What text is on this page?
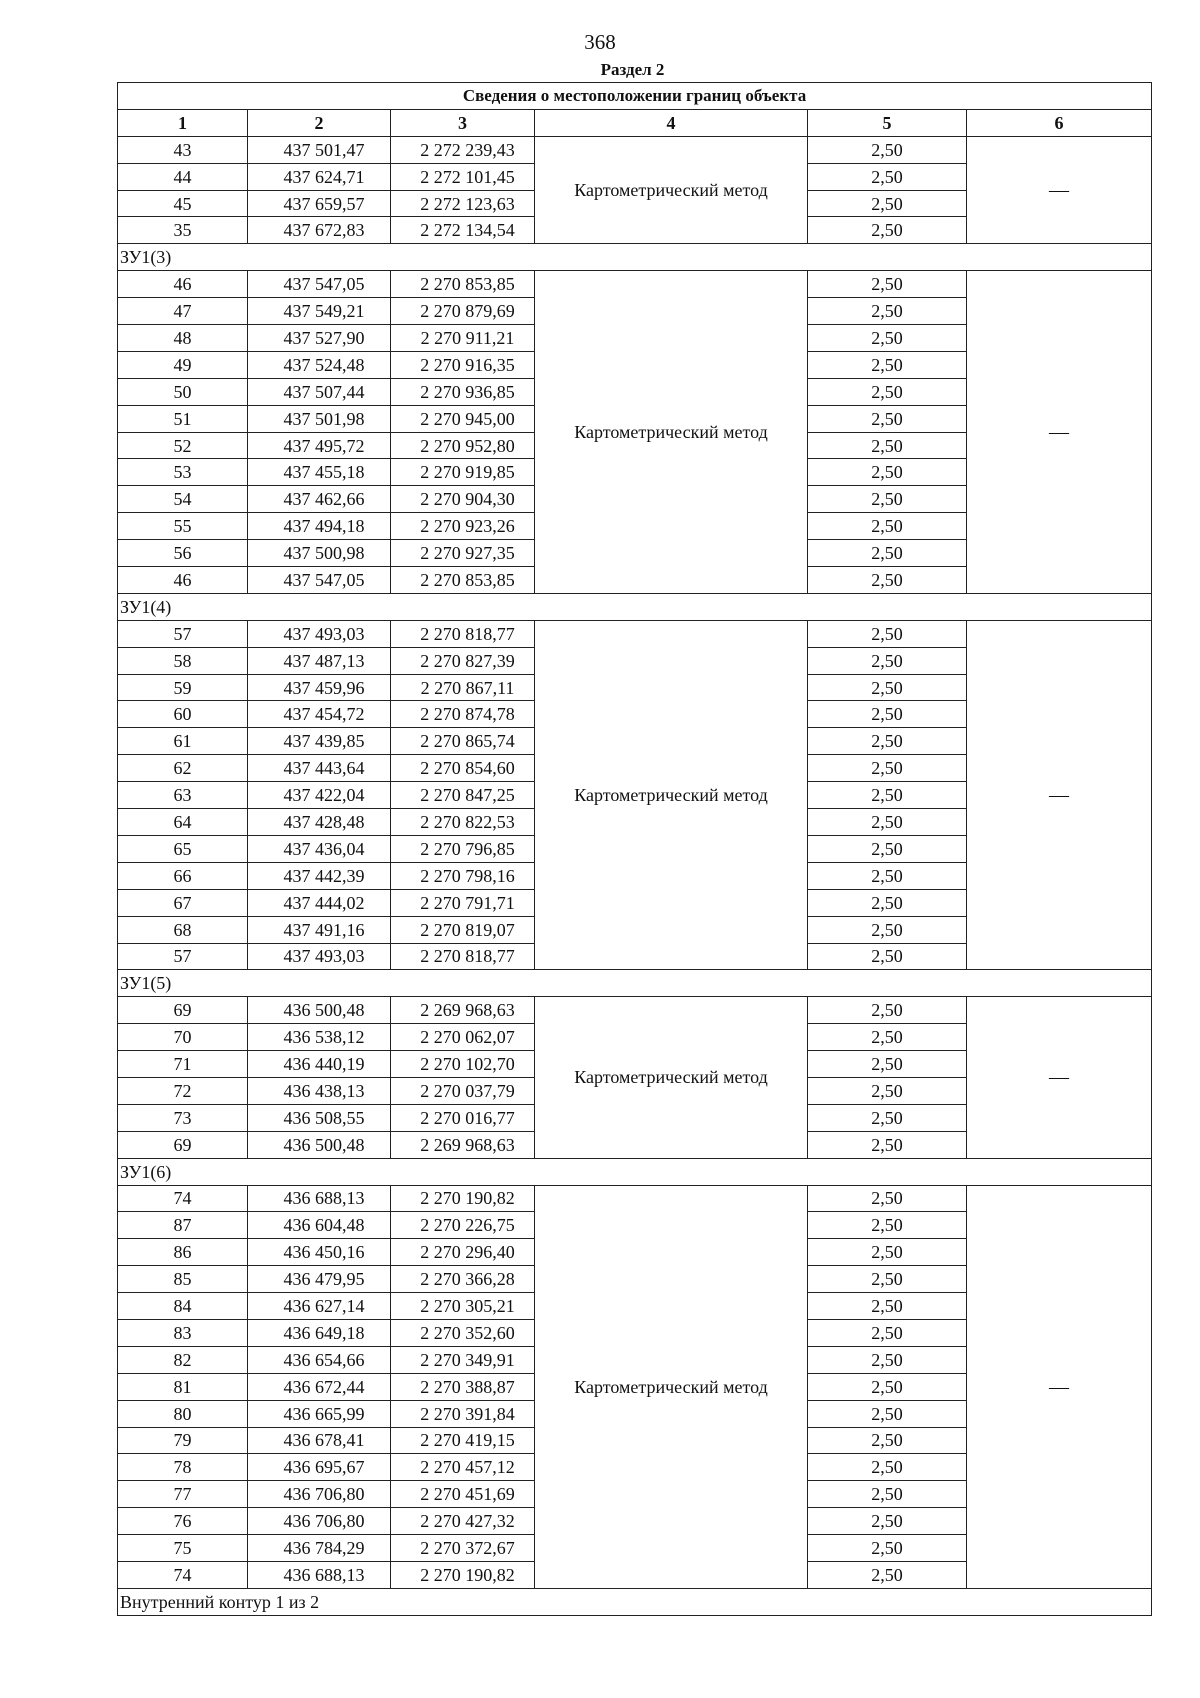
368
Раздел 2
Сведения о местоположении границ объекта					
1	2	3	4	5	6
43	437 501,47	2 272 239,43	Картометрический метод	2,50	—
44	437 624,71	2 272 101,45		2,50	
45	437 659,57	2 272 123,63		2,50	
35	437 672,83	2 272 134,54		2,50	
ЗУ1(3)					
46	437 547,05	2 270 853,85	Картометрический метод	2,50	—
47	437 549,21	2 270 879,69		2,50	
48	437 527,90	2 270 911,21		2,50	
49	437 524,48	2 270 916,35		2,50	
50	437 507,44	2 270 936,85		2,50	
51	437 501,98	2 270 945,00		2,50	
52	437 495,72	2 270 952,80		2,50	
53	437 455,18	2 270 919,85		2,50	
54	437 462,66	2 270 904,30		2,50	
55	437 494,18	2 270 923,26		2,50	
56	437 500,98	2 270 927,35		2,50	
46	437 547,05	2 270 853,85		2,50	
ЗУ1(4)					
57	437 493,03	2 270 818,77	Картометрический метод	2,50	—
58	437 487,13	2 270 827,39		2,50	
59	437 459,96	2 270 867,11		2,50	
60	437 454,72	2 270 874,78		2,50	
61	437 439,85	2 270 865,74		2,50	
62	437 443,64	2 270 854,60		2,50	
63	437 422,04	2 270 847,25		2,50	
64	437 428,48	2 270 822,53		2,50	
65	437 436,04	2 270 796,85		2,50	
66	437 442,39	2 270 798,16		2,50	
67	437 444,02	2 270 791,71		2,50	
68	437 491,16	2 270 819,07		2,50	
57	437 493,03	2 270 818,77		2,50	
ЗУ1(5)					
69	436 500,48	2 269 968,63	Картометрический метод	2,50	—
70	436 538,12	2 270 062,07		2,50	
71	436 440,19	2 270 102,70		2,50	
72	436 438,13	2 270 037,79		2,50	
73	436 508,55	2 270 016,77		2,50	
69	436 500,48	2 269 968,63		2,50	
ЗУ1(6)					
74	436 688,13	2 270 190,82	Картометрический метод	2,50	—
87	436 604,48	2 270 226,75		2,50	
86	436 450,16	2 270 296,40		2,50	
85	436 479,95	2 270 366,28		2,50	
84	436 627,14	2 270 305,21		2,50	
83	436 649,18	2 270 352,60		2,50	
82	436 654,66	2 270 349,91		2,50	
81	436 672,44	2 270 388,87		2,50	
80	436 665,99	2 270 391,84		2,50	
79	436 678,41	2 270 419,15		2,50	
78	436 695,67	2 270 457,12		2,50	
77	436 706,80	2 270 451,69		2,50	
76	436 706,80	2 270 427,32		2,50	
75	436 784,29	2 270 372,67		2,50	
74	436 688,13	2 270 190,82		2,50	
Внутренний контур 1 из 2					
